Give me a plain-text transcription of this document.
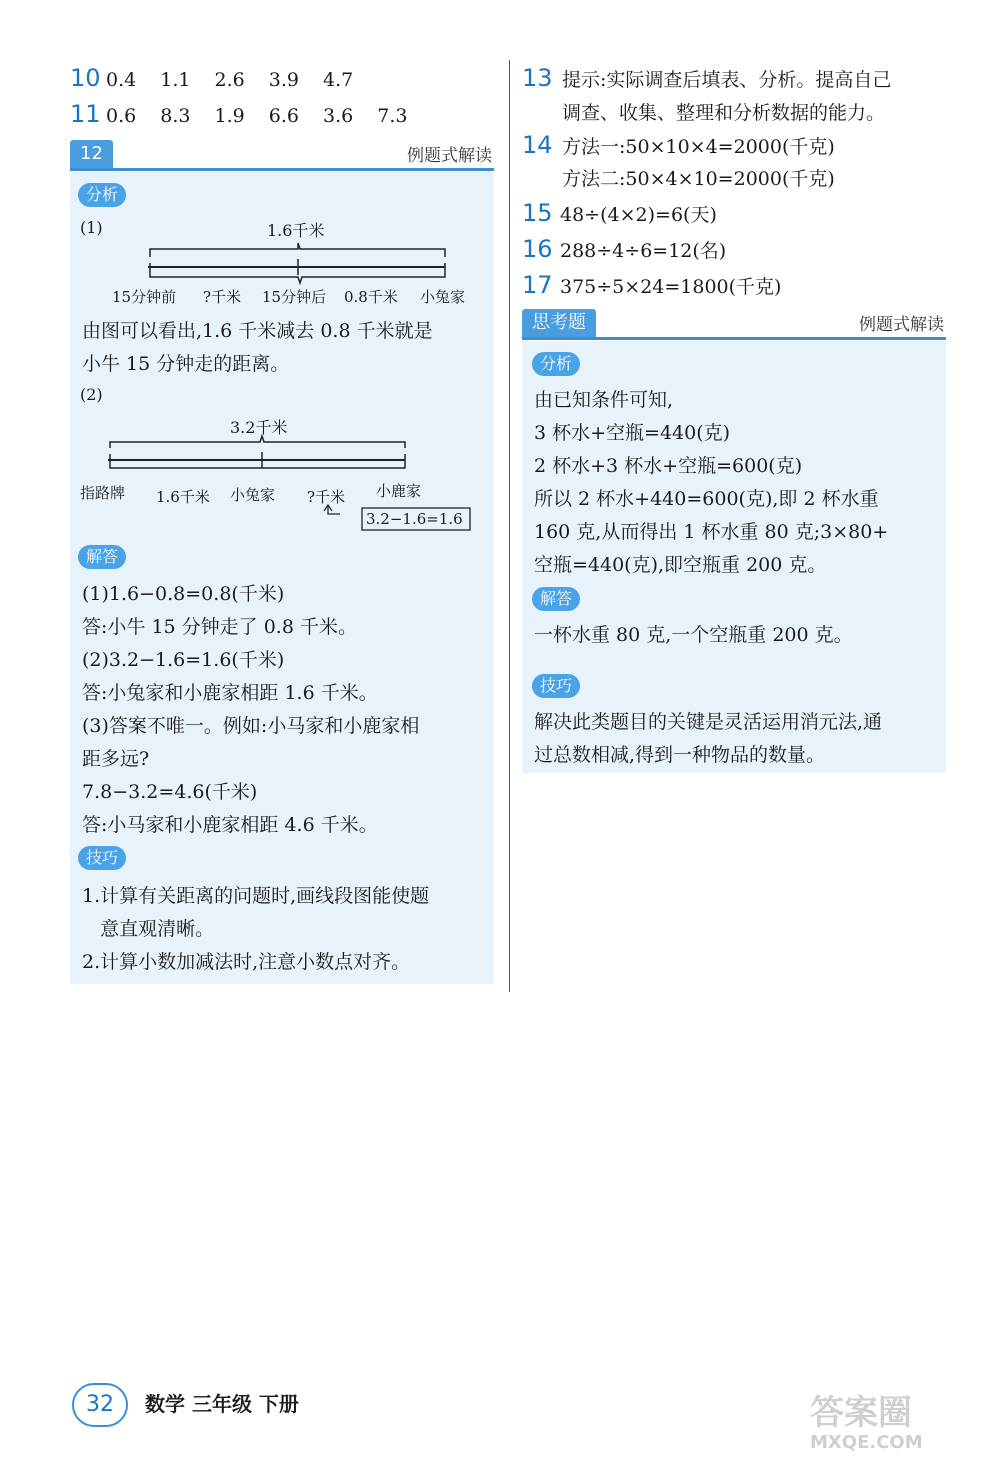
10 0.4 1.1 2.6 3.9 4.7
11 0.6 8.3 1.9 6.6 3.6 7.3
12	例题式解读
分析
(1)	1.6千米
15分钟前 ?千米 15分钟后 0.8千米 小兔家
由图可以看出,1.6 千米减去 0.8 千米就是
小牛 15 分钟走的距离。
(2)
3.2千米
指路牌 1.6千米 小兔家 ?千米 小鹿家
3.2−1.6=1.6
解答
(1)1.6−0.8=0.8(千米)
答:小牛 15 分钟走了 0.8 千米。
(2)3.2−1.6=1.6(千米)
答:小兔家和小鹿家相距 1.6 千米。
(3)答案不唯一。例如:小马家和小鹿家相
距多远?
7.8−3.2=4.6(千米)
答:小马家和小鹿家相距 4.6 千米。
技巧
1.计算有关距离的问题时,画线段图能使题
意直观清晰。
2.计算小数加减法时,注意小数点对齐。
13 提示:实际调查后填表、分析。提高自己
调查、收集、整理和分析数据的能力。
14 方法一:50×10×4=2000(千克)
方法二:50×4×10=2000(千克)
15 48÷(4×2)=6(天)
16 288÷4÷6=12(名)
17 375÷5×24=1800(千克)
思考题	例题式解读
分析
由已知条件可知,
3 杯水+空瓶=440(克)
2 杯水+3 杯水+空瓶=600(克)
所以 2 杯水+440=600(克),即 2 杯水重
160 克,从而得出 1 杯水重 80 克;3×80+
空瓶=440(克),即空瓶重 200 克。
解答
一杯水重 80 克,一个空瓶重 200 克。
技巧
解决此类题目的关键是灵活运用消元法,通
过总数相减,得到一种物品的数量。
32	数学 三年级 下册	答案圈
MXQE.COM
